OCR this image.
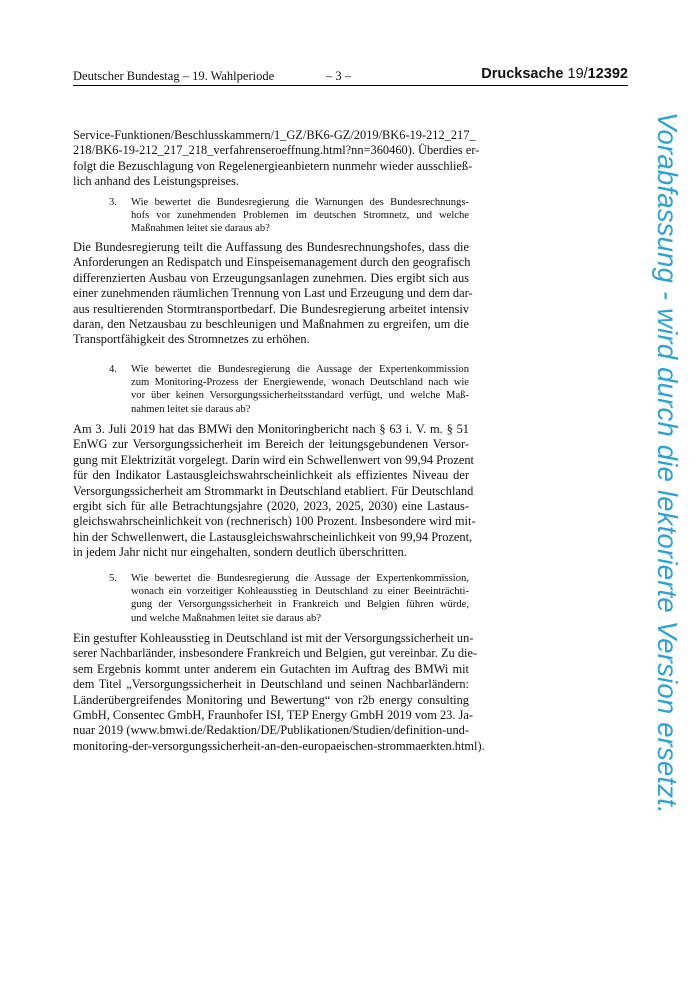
Deutscher Bundestag – 19. Wahlperiode	– 3 –	Drucksache 19/12392
Service-Funktionen/Beschlusskammern/1_GZ/BK6-GZ/2019/BK6-19-212_217_
218/BK6-19-212_217_218_verfahrenseroeffnung.html?nn=360460). Überdies er-
folgt die Bezuschlagung von Regelenergieanbietern nunmehr wieder ausschließ-
lich anhand des Leistungspreises.
3. Wie bewertet die Bundesregierung die Warnungen des Bundesrechnungs-
hofs vor zunehmenden Problemen im deutschen Stromnetz, und welche
Maßnahmen leitet sie daraus ab?
Die Bundesregierung teilt die Auffassung des Bundesrechnungshofes, dass die
Anforderungen an Redispatch und Einspeisemanagement durch den geografisch
differenzierten Ausbau von Erzeugungsanlagen zunehmen. Dies ergibt sich aus
einer zunehmenden räumlichen Trennung von Last und Erzeugung und dem dar-
aus resultierenden Stormtransportbedarf. Die Bundesregierung arbeitet intensiv
daran, den Netzausbau zu beschleunigen und Maßnahmen zu ergreifen, um die
Transportfähigkeit des Stromnetzes zu erhöhen.
4. Wie bewertet die Bundesregierung die Aussage der Expertenkommission
zum Monitoring-Prozess der Energiewende, wonach Deutschland nach wie
vor über keinen Versorgungssicherheitsstandard verfügt, und welche Maß-
nahmen leitet sie daraus ab?
Am 3. Juli 2019 hat das BMWi den Monitoringbericht nach § 63 i. V. m. § 51
EnWG zur Versorgungssicherheit im Bereich der leitungsgebundenen Versor-
gung mit Elektrizität vorgelegt. Darin wird ein Schwellenwert von 99,94 Prozent
für den Indikator Lastausgleichswahrscheinlichkeit als effizientes Niveau der
Versorgungssicherheit am Strommarkt in Deutschland etabliert. Für Deutschland
ergibt sich für alle Betrachtungsjahre (2020, 2023, 2025, 2030) eine Lastaus-
gleichswahrscheinlichkeit von (rechnerisch) 100 Prozent. Insbesondere wird mit-
hin der Schwellenwert, die Lastausgleichswahrscheinlichkeit von 99,94 Prozent,
in jedem Jahr nicht nur eingehalten, sondern deutlich überschritten.
5. Wie bewertet die Bundesregierung die Aussage der Expertenkommission,
wonach ein vorzeitiger Kohleausstieg in Deutschland zu einer Beeinträchti-
gung der Versorgungssicherheit in Frankreich und Belgien führen würde,
und welche Maßnahmen leitet sie daraus ab?
Ein gestufter Kohleausstieg in Deutschland ist mit der Versorgungssicherheit un-
serer Nachbarländer, insbesondere Frankreich und Belgien, gut vereinbar. Zu die-
sem Ergebnis kommt unter anderem ein Gutachten im Auftrag des BMWi mit
dem Titel „Versorgungssicherheit in Deutschland und seinen Nachbarländern:
Länderübergreifendes Monitoring und Bewertung“ von r2b energy consulting
GmbH, Consentec GmbH, Fraunhofer ISI, TEP Energy GmbH 2019 vom 23. Ja-
nuar 2019 (www.bmwi.de/Redaktion/DE/Publikationen/Studien/definition-und-
monitoring-der-versorgungssicherheit-an-den-europaeischen-strommaerkten.html).	Vorabfassung - wird durch die lektorierte Version ersetzt.
